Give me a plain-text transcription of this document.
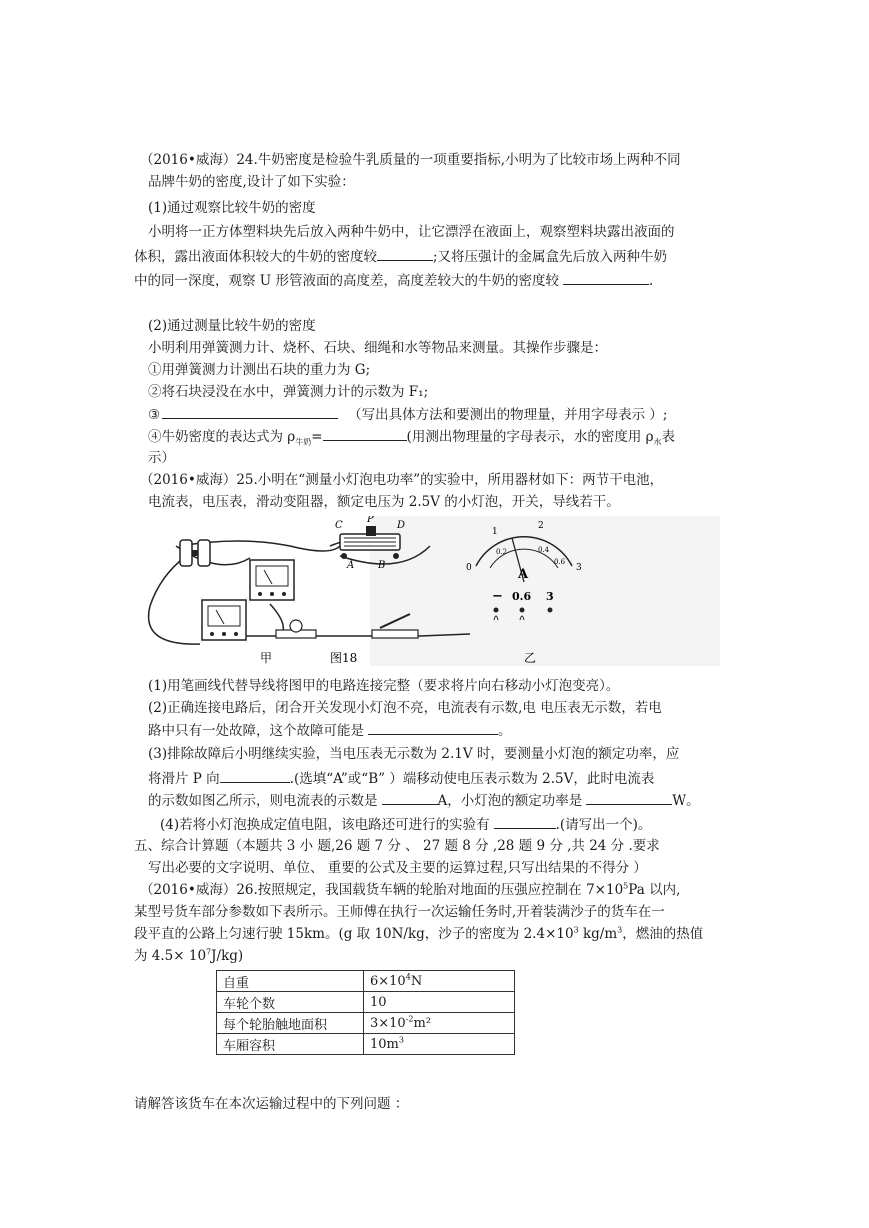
（2016•威海）24.牛奶密度是检验牛乳质量的一项重要指标,小明为了比较市场上两种不同
品牌牛奶的密度,设计了如下实验：
(1)通过观察比较牛奶的密度
小明将一正方体塑料块先后放入两种牛奶中，让它漂浮在液面上，观察塑料块露出液面的
体积，露出液面体积较大的牛奶的密度较	;又将压强计的金属盒先后放入两种牛奶
中的同一深度，观察 U 形管液面的高度差，高度差较大的牛奶的密度较	.
(2)通过测量比较牛奶的密度
小明利用弹簧测力计、烧杯、石块、细绳和水等物品来测量。其操作步骤是：
①用弹簧测力计测出石块的重力为 G;
②将石块浸没在水中，弹簧测力计的示数为 F₁;
③	（写出具体方法和要测出的物理量，并用字母表示 ）;
④牛奶密度的表达式为 $\rho_{牛奶}=$	(用测出物理量的字母表示，水的密度用 $\rho_水$表
示）
（2016•威海）25.小明在“测量小灯泡电功率”的实验中，所用器材如下：两节干电池，
电流表，电压表，滑动变阻器，额定电压为 2.5V 的小灯泡，开关，导线若干。
C
P
D
A B
甲	图18
0
1
2
3
0.2	0.4
0.6
A
− 0.6 3
乙
(1)用笔画线代替导线将图甲的电路连接完整（要求将片向右移动小灯泡变亮）。
(2)正确连接电路后，闭合开关发现小灯泡不亮，电流表有示数,电 电压表无示数，若电
路中只有一处故障，这个故障可能是	。
(3)排除故障后小明继续实验，当电压表无示数为 2.1V 时，要测量小灯泡的额定功率，应
将滑片 P 向	.(选填“A”或“B” ）端移动使电压表示数为 2.5V，此时电流表
的示数如图乙所示，则电流表的示数是	A，小灯泡的额定功率是	W。
(4)若将小灯泡换成定值电阻，该电路还可进行的实验有	.(请写出一个)。
五、综合计算题（本题共 3 小 题,26 题 7 分 、 27 题 8 分 ,28 题 9 分 ,共 24 分 .要求
写出必要的文字说明、单位、 重要的公式及主要的运算过程,只写出结果的不得分 ）
（2016•威海）26.按照规定，我国载货车辆的轮胎对地面的压强应控制在 $7\times 10^5Pa$ 以内,
某型号货车部分参数如下表所示。王师傅在执行一次运输任务时,开着装满沙子的货车在一
段平直的公路上匀速行驶 15km。(g 取 10N/kg，沙子的密度为 $2.4\times 10^3$ $kg/m^3$，燃油的热值
为 $4.5\times 10^7J/kg$)
自重	$6\times 10^4N$
车轮个数	10
每个轮胎触地面积	$3\times 10^{-2}m^2$
车厢容积	$10m^3$
请解答该货车在本次运输过程中的下列问题 ：
